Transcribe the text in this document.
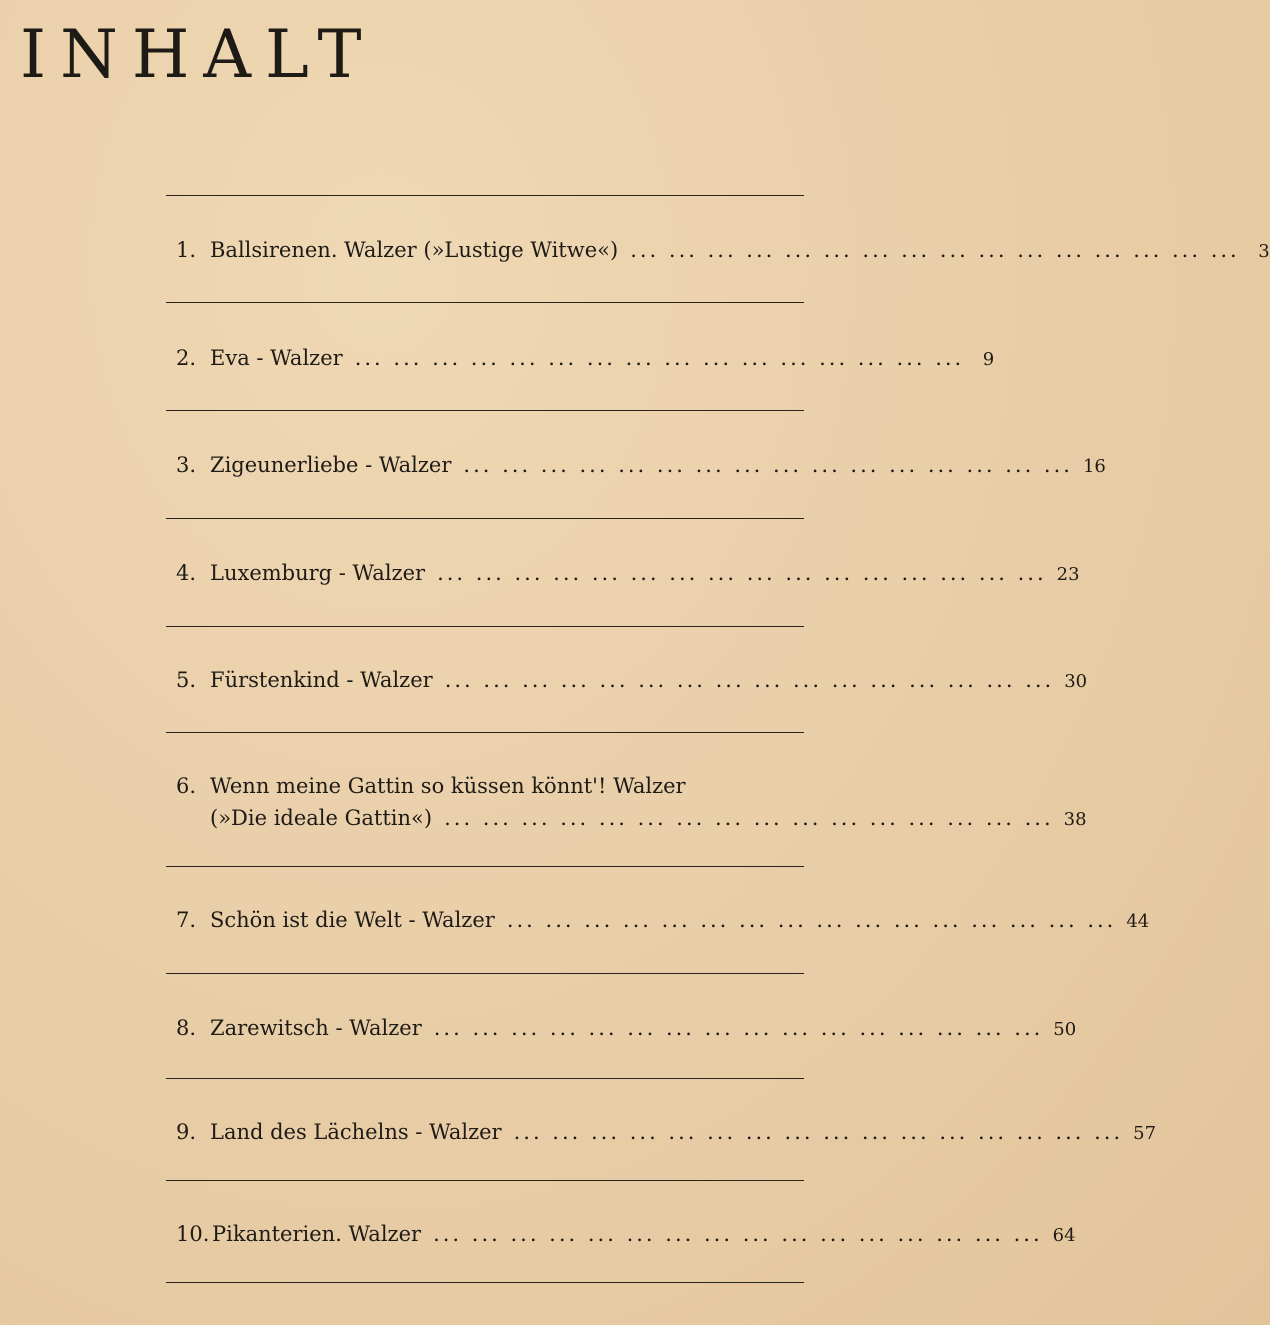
INHALT
1. Ballsirenen. Walzer (»Lustige Witwe«) ... ... ... ... ... ... ... ... ... ... ... ... ... ... ... ...	3
2. Eva - Walzer ... ... ... ... ... ... ... ... ... ... ... ... ... ... ... ...	9
3. Zigeunerliebe - Walzer ... ... ... ... ... ... ... ... ... ... ... ... ... ... ... ... 16
4. Luxemburg - Walzer ... ... ... ... ... ... ... ... ... ... ... ... ... ... ... ... 23
5. Fürstenkind - Walzer ... ... ... ... ... ... ... ... ... ... ... ... ... ... ... ... 30
6. Wenn meine Gattin so küssen könnt'! Walzer
(»Die ideale Gattin«) ... ... ... ... ... ... ... ... ... ... ... ... ... ... ... ... 38
7. Schön ist die Welt - Walzer ... ... ... ... ... ... ... ... ... ... ... ... ... ... ... ... 44
8. Zarewitsch - Walzer ... ... ... ... ... ... ... ... ... ... ... ... ... ... ... ... 50
9. Land des Lächelns - Walzer ... ... ... ... ... ... ... ... ... ... ... ... ... ... ... ... 57
10. Pikanterien. Walzer ... ... ... ... ... ... ... ... ... ... ... ... ... ... ... ... 64
